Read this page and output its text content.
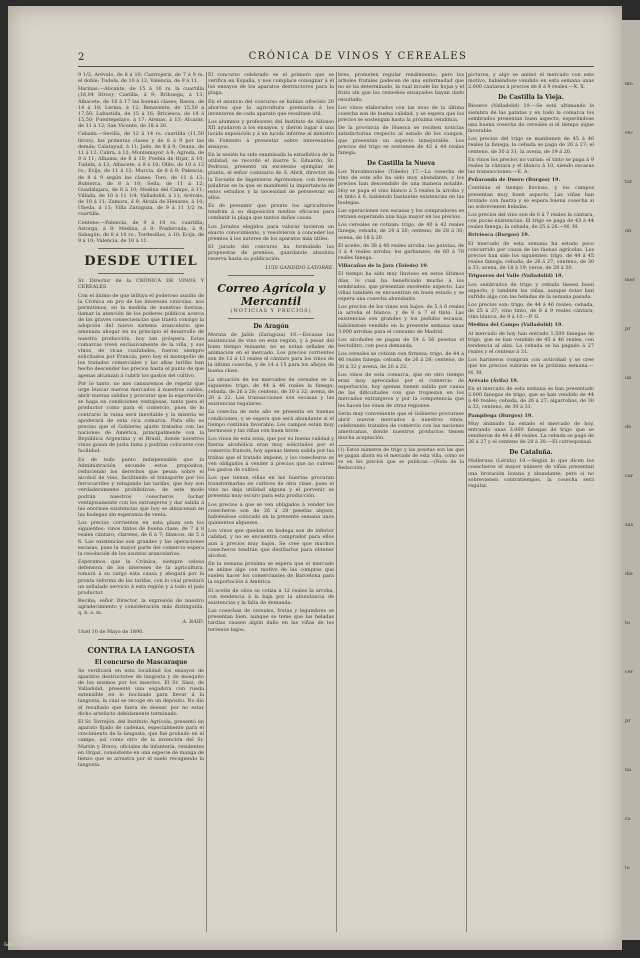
2	CRÓNICA DE VINOS Y CEREALES

9 1/2; Arévalo, de 8 á 10; Castrojeriz, de 7 á 9 rs. el doble; Tudela, de 10 á 12; Valencia, de 9 á 11.

Harinas.—Alicante, de 15 á 16 rs. la cuartilla (16,04 litros); Castilla, á 9; Brihuega, á 13; Albacete, de 16 á 17 las buenas clases; Baeza, de 14 á 18; Lerma, á 12; Benavente, de 15,50 á 17,50; Labastida, de 15 á 16; Briviesca, de 14 á 15,50; Fuentepelayo, á 17; Arenas, á 13; Alcazar, de 11 á 12; San Vicente, de 18 á 20.

Cebada.—Sevilla, de 12 á 14 rs. cuartilla (11,50 litros); las primeras clases y de 8 á 9 por las demás; Calatayud, á 11; Jaén, de 8 á 9; Osuna, de 11 á 12; Cabra, á 12; Montemayor, á 8; Agreda, de 9 á 11; Alhama, de 8 á 10; Puebla de Hijar, á 10; Tudela, á 12; Albacete, á 9 á 10; Olite, de 10 á 12 rs.; Ecija, de 11 á 12; Murcia, de 8 á 9; Palencia, de 8 á 9 según las clases; Toro, de 11 á 13; Bubierca, de 8 á 10; Sella, de 11 á 12; Guadalajara, de 8 á 10; Medina del Campo, á 11; Villada, de 10 á 11 1/4; Valladolid, á 11; Arévalo, de 10 á 11; Zamora, á 9; Alcalá de Henares, á 10; Ubeda, á 11; Villa Zaragoza, de 9 á 11 1/2 rs. cuartilla.

Centeno.—Palencia, de 9 á 10 rs. cuartilla; Astorga, á 9; Medina, á 9; Ponferrada, á 9; Sahagún, de 8 á 10 rs.; Tordesillas, á 10; Ecija, de 9 á 10; Valencia, de 10 á 11.

DESDE UTIEL

Sr. Director de la CRÓNICA DE VINOS Y CEREALES.

Con el ánimo de que influya el poderoso auxilio de la Crónica en pro de los intereses vinícolas, nos permitimos, en la medida de nuestras fuerzas, llamar la atención de los poderes públicos acerca de las graves consecuencias que traerá consigo la adopción del nuevo sistema arancelario que amenaza ahogar en su principio el desarrollo de nuestra producción, hoy tan próspera. Estas comarcas viven exclusivamente de la viña, y sus vinos, de ricas cualidades, fueron siempre solicitados por Francia; pero hoy el monopolio de los tratados comerciales y las altas tarifas han hecho descender los precios hasta el punto de que apenas alcanzan á cubrir los gastos del cultivo.

Por lo tanto, no nos cansaremos de repetir que urge buscar nuevos mercados á nuestros caldos, abrir nuevas salidas y procurar que la exportación se haga en condiciones ventajosas, tanto para el productor como para el comercio, pues de lo contrario la ruina será inevitable y la miseria se apoderará de esta rica comarca. Para ello es preciso que el Gobierno ajuste tratados con las naciones de América, principalmente con la República Argentina y el Brasil, donde nuestros vinos gozan de justa fama y podrían colocarse con facilidad.

Es de todo punto indispensable que la Administración secunde estos propósitos, reduciendo los derechos que pesan sobre el alcohol de vino, facilitando el transporte por los ferrocarriles y rebajando las tarifas, que hoy son verdaderamente prohibitivas; de este modo podrán nuestros cosecheros luchar ventajosamente con los extranjeros y dar salida á las enormes existencias que hoy se almacenan en las bodegas sin esperanza de venta.

Los precios corrientes en esta plaza son los siguientes: vinos tintos de buena clase, de 7 á 8 reales cántaro; claretes, de 6 á 7; blancos, de 5 á 6. Las existencias son grandes y las operaciones escasas, pues la mayor parte del comercio espera la resolución de los asuntos arancelarios.

Esperamos que la Crónica, siempre celosa defensora de los intereses de la agricultura, tomará á su cargo esta causa y abogará por la pronta reforma de las tarifas, con lo cual prestará un señalado servicio á esta región y á todo el país productor.

Reciba, señor Director, la expresión de nuestro agradecimiento y consideración más distinguida, q. b. s. m.

A. RAID.

Utiel 10 de Mayo de 1890.

CONTRA LA LANGOSTA
El concurso de Mascaraque

Se verificará en esta localidad los ensayos de aparatos destructores de langosta y de mosquito de los mismos por los insectos. El Sr. Sáez, de Valladolid, presentó una segadora con rueda extensible en lo bocinado para llevar á la langosta, la cual se recoge en un depósito. No dió el resultado que fuera de desear, por no estar dicho artefacto debidamente terminado.

El Sr. Torrejón, del Instituto Agrícola, presentó un aparato fijado de cadenas, especialmente para el crecimiento de la langosta, que fué probado en el campo, así como otro de la invención del Sr. Martín y Bravo, oficiales de infantería, residentes en Orgaz, consistente en una especie de manga de lienzo que se arrastra por el suelo recogiendo la langosta.

El concurso celebrado es el primero que se verifica en España, y nos complace consignar á él los ensayos de los aparatos destructores para la plaga.

En el anuncio del concurso se habían ofrecido 20 ahorros que la agricultura premiaría á los inventores de cada aparato que resultase útil.

Los alumnos y profesores del Instituto de Alfonso XII ayudaron á los ensayos, y dieron lugar á una lucida exposición y á un lucido informe al ministro de Fomento á presentar sobre interesantes ensayos.

En la sesión ha sido examinada la estadística de la utilidad, se recordó el ilustre S. Eduardo, Sr. Pedroso, presentó un excelente ejemplar de planta, el señor comisario de S. Abril, director de la Escuela de Ingenieros Agrónomos, con breves palabras en la que se manifestó la importancia de estos estudios y la necesidad de perseverar en ellos.

Es de presumir que pronto los agricultores tendrán á su disposición medios eficaces para combatir la plaga que tantos daños causa.

Los Jurados elegidos para valorar tuvieron un exacto conocimiento, y resolvieron á conceder los premios á los autores de los aparatos más útiles.

El jurado del concurso ha formulado las propuestas de premios, guardando absoluta reserva hasta su publicación.

LUIS GANDIDO LATORRE.
Correo Agrícola y Mercantil
(NOTICIAS Y PRECIOS)
De Aragón

Morata de Jalón (Zaragoza) 10.—Escasas las existencias de vino en esta región, y á pesar del buen tiempo reinante, no se notan señales de animación en el mercado. Los precios corrientes son de 12 á 13 reales el cántaro para los vinos de la última cosecha, y de 14 á 15 para los añejos de buena clase.

La situación de los mercados de cereales es la siguiente: trigo, de 44 á 46 reales la fanega; cebada, de 26 á 28; centeno, de 30 á 32; avena, de 20 á 22. Las transacciones son escasas y las existencias regulares.

La cosecha de este año se presenta en buenas condiciones, y se espera que será abundante si el tiempo continúa favorable. Los campos están muy hermosos y las viñas con buen brote.

Los vinos de esta zona, que por su buena calidad y fuerza alcohólica eran muy solicitados por el comercio francés, hoy apenas tienen salida por las trabas que el tratado impone, y los cosecheros se ven obligados á vender á precios que no cubren los gastos de cultivo.

Los que tienen viñas en las huertas procuran transformarlas en cultivos de otra clase, pues el vino no deja utilidad alguna y el porvenir se presenta muy oscuro para esta producción.

Los precios á que se ven obligados á vender los cosecheros son de 26 á 28 pesetas alquez, habiéndose colocado en la presente semana unos quinientos alquezes.

Los vinos que quedan en bodega son de inferior calidad, y no se encuentra comprador para ellos aun á precios muy bajos. Se cree que muchos cosecheros tendrán que destilarlos para obtener alcohol.

En la semana próxima se espera que el mercado se anime algo con motivo de las compras que suelen hacer los comerciantes de Barcelona para la exportación á América.

El aceite de oliva se cotiza á 12 reales la arroba, con tendencia á la baja por la abundancia de existencias y la falta de demanda.

Las cosechas de cereales, frutas y legumbres se presentan bien, aunque se teme que las heladas tardías causen algún daño en las viñas de los terrenos bajos.

bres, prometen regular rendimiento; pero los árboles frutales padecen de una enfermedad que no se ha determinado, la cual invade las hojas y el fruto sin que los remedios ensayados hayan dado resultado.

Los vinos elaborados con las uvas de la última cosecha son de buena calidad, y se espera que los precios se sostengan hasta la próxima vendimia.

De la provincia de Huesca se reciben noticias satisfactorias respecto al estado de los campos, que presentan un aspecto inmejorable. Los precios del trigo se sostienen de 42 á 44 reales fanega.

De Castilla la Nueva

Los Navalmorales (Toledo) 17.—La cosecha de vino de este año ha sido muy abundante, y los precios han descendido de una manera notable. Hoy se paga el vino blanco á 5 reales la arroba y el tinto á 6, habiendo bastantes existencias en las bodegas.

Las operaciones son escasas y los compradores se retraen esperando una baja mayor en los precios.

Los cereales se cotizan: trigo, de 40 á 42 reales fanega; cebada, de 24 á 26; centeno, de 28 á 30; avena, de 18 á 20.

El aceite, de 38 á 40 reales arroba; las patatas, de 3 á 4 reales arroba; los garbanzos, de 60 á 70 reales fanega.

Villacañas de la Jara (Toledo) 19.

El tiempo ha sido muy lluvioso en estos últimos días, lo cual ha beneficiado mucho á los sembrados, que presentan excelente aspecto. Las viñas también se encuentran en buen estado y se espera una cosecha abundante.

Los precios de los vinos son bajos: de 5 á 6 reales la arroba el blanco, y de 6 á 7 el tinto. Las existencias son grandes y los pedidos escasos, habiéndose vendido en la presente semana unas 3.000 arrobas para el consumo de Madrid.

Los alcoholes se pagan de 54 á 56 pesetas el hectolitro, con poca demanda.

Los cereales se cotizan con firmeza: trigo, de 44 á 46 reales fanega; cebada, de 26 á 28; centeno, de 30 á 32 y avena, de 20 á 22.

Los vinos de esta comarca, que en otro tiempo eran muy apreciados por el comercio de exportación, hoy apenas tienen salida por causa de las dificultades con que tropiezan en los mercados extranjeros y por la competencia que les hacen los vinos de otras regiones.

Sería muy conveniente que el Gobierno procurase abrir nuevos mercados á nuestros vinos, celebrando tratados de comercio con las naciones americanas, donde nuestros productos tienen mucha aceptación.

(1) Estos números de trigo y las pesetas son las que se pagan ahora en el mercado de esta villa, como se ve en los precios que se publican.—(Nota de la Redacción.)

pictures, y algo se animó el mercado con este motivo, habiéndose vendido en esta semana unas 2.000 cántaras á precios de 8 á 9 reales.—X. X.

De Castilla la Vieja.

Rioseco (Valladolid) 19.—Se está ultimando la siembra de las patatas y en todo la comarca los sembrados presentan buen aspecto, esperándose una buena cosecha de cereales si el tiempo sigue favorable.

Los precios del trigo se mantienen de 45 á 46 reales la fanega; la cebada se paga de 26 á 27; el centeno, de 30 á 31; la avena, de 19 á 20.

En vinos los precios no varían: el tinto se paga á 9 reales la cántara y el blanco á 10, siendo escasas las transacciones.—E. A.

Peñaranda de Duero (Burgos) 19.

Continúa el tiempo lluvioso, y los campos presentan muy buen aspecto. Las viñas han brotado con fuerza y se espera buena cosecha si no sobrevienen heladas.

Los precios del vino son de 6 á 7 reales la cántara, con pocas existencias. El trigo se paga de 43 á 44 reales fanega; la cebada, de 25 á 26.—M. M.

Briviesca (Burgos) 19.

El mercado de esta semana ha estado poco concurrido por causa de las faenas agrícolas. Los precios han sido los siguientes: trigo, de 44 á 45 reales fanega; cebada, de 26 á 27; centeno, de 30 á 31; avena, de 18 á 19; yeros, de 28 á 30.

Trigueros del Valle (Valladolid) 19.

Los sembrados de trigo y cebada tienen buen aspecto, y también las viñas, aunque éstas han sufrido algo con las heladas de la semana pasada.

Los precios son: trigo, de 44 á 46 reales; cebada, de 25 á 27; vino tinto, de 8 á 9 reales cántara; vino blanco, de 9 á 10.—P. G.

Medina del Campo (Valladolid) 19.

Al mercado de hoy han entrado 1.500 fanegas de trigo, que se han vendido de 45 á 46 reales, con tendencia al alza. La cebada se ha pagado á 27 reales y el centeno á 31.

Los harineros compran con actividad y se cree que los precios subirán en la próxima semana.—M. M.

Arévalo (Ávila) 19.

En el mercado de esta semana se han presentado 2.000 fanegas de trigo, que se han vendido de 44 á 46 reales; cebada, de 26 á 27; algarrobas, de 30 á 32; centeno, de 30 á 31.

Pampliega (Burgos) 19.

Muy animado ha estado el mercado de hoy, entrando unas 3.000 fanegas de trigo que se vendieron de 44 á 46 reales. La cebada se pagó de 26 á 27 y el centeno de 29 á 30.—El corresponsal.

De Cataluña.

Mollerusa (Lérida) 19.—Según lo que dicen los cosecheros el mayor número de viñas presentan una brotación lozana y abundante; pero si no sobrevienen contratiempos, la cosecha será regular.

mo
rec
tar
on
mer
pr
un
de
car
zas
die
to
cer
pr
na
ra
lo
GAR.1890
